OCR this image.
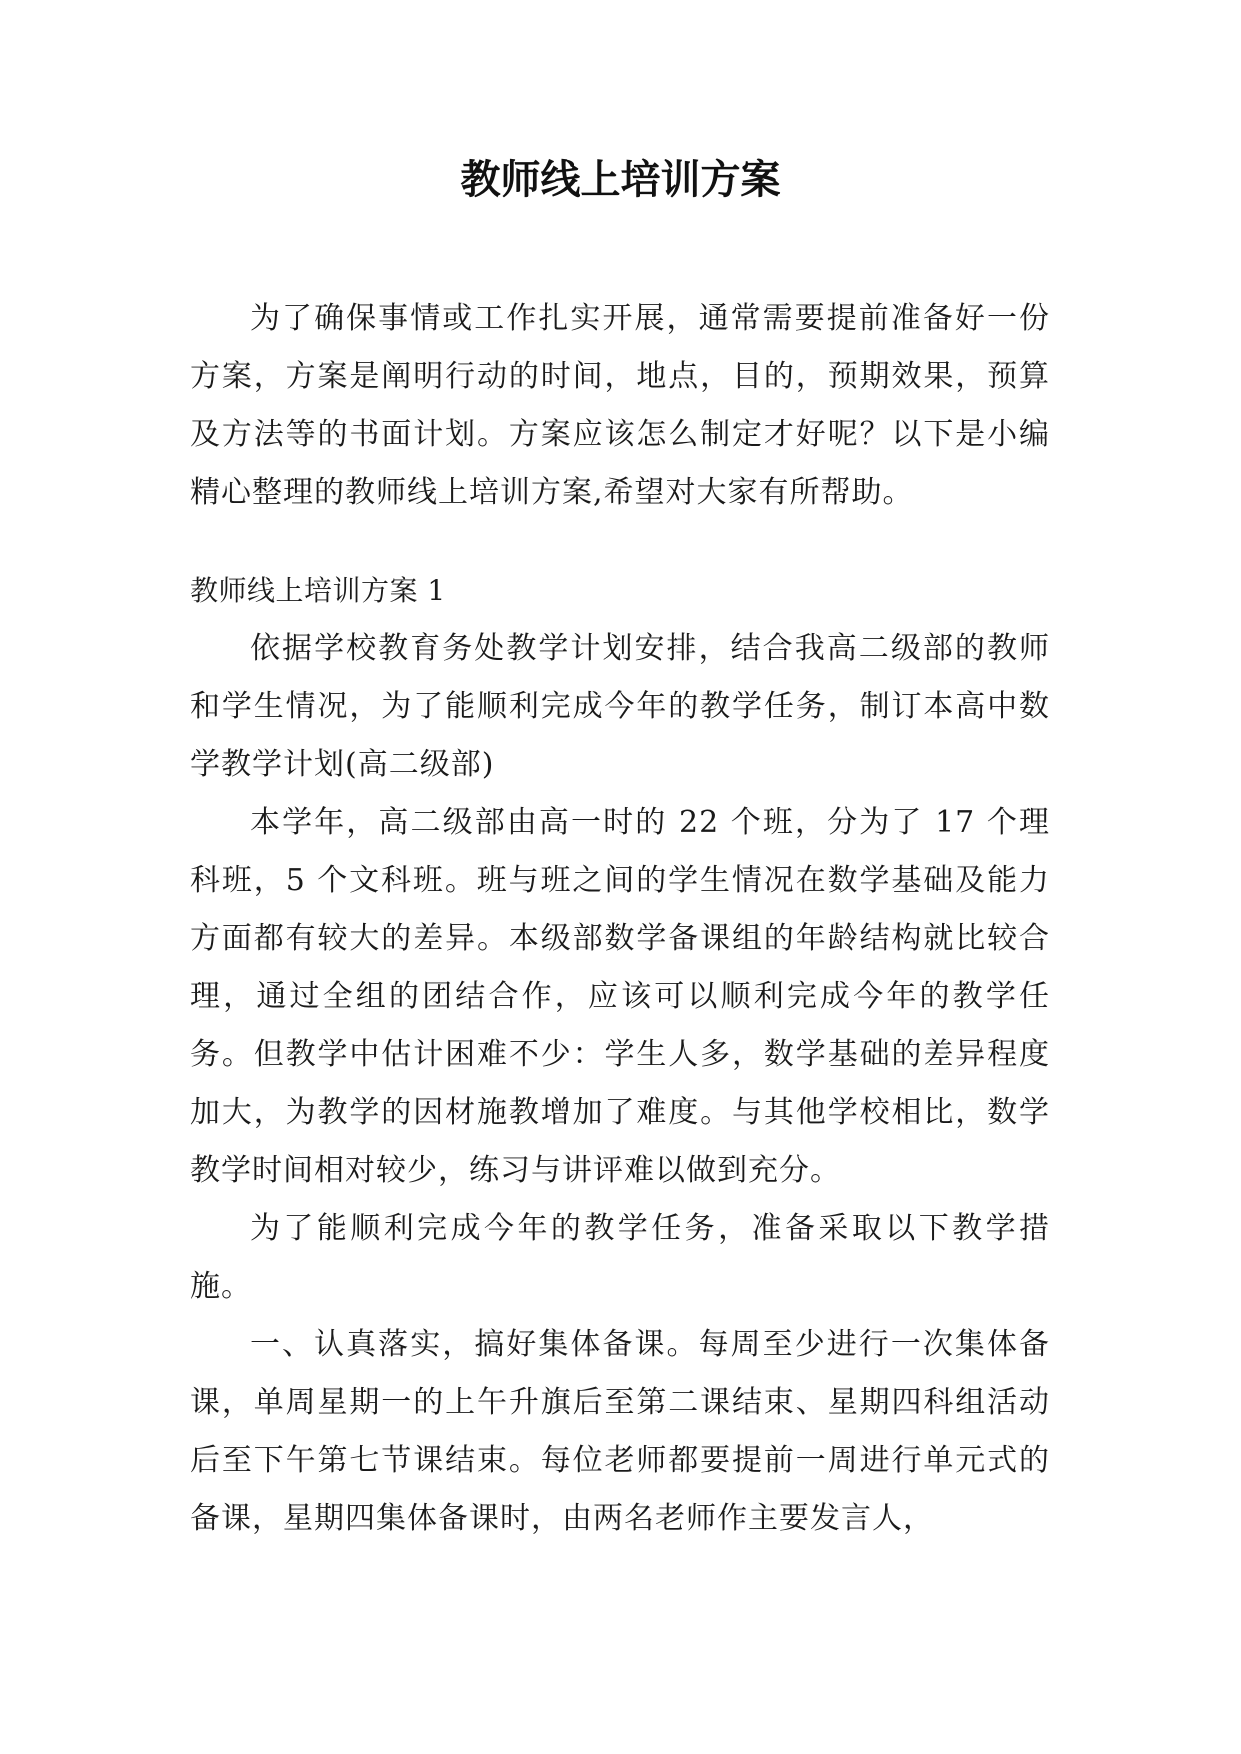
教师线上培训方案

为了确保事情或工作扎实开展，通常需要提前准备好一份方案，方案是阐明行动的时间，地点，目的，预期效果，预算及方法等的书面计划。方案应该怎么制定才好呢？以下是小编精心整理的教师线上培训方案,希望对大家有所帮助。

教师线上培训方案 1

依据学校教育务处教学计划安排，结合我高二级部的教师和学生情况，为了能顺利完成今年的教学任务，制订本高中数学教学计划(高二级部)

本学年，高二级部由高一时的 22 个班，分为了 17 个理科班，5 个文科班。班与班之间的学生情况在数学基础及能力方面都有较大的差异。本级部数学备课组的年龄结构就比较合理，通过全组的团结合作，应该可以顺利完成今年的教学任务。但教学中估计困难不少：学生人多，数学基础的差异程度加大，为教学的因材施教增加了难度。与其他学校相比，数学教学时间相对较少，练习与讲评难以做到充分。

为了能顺利完成今年的教学任务，准备采取以下教学措施。

一、认真落实，搞好集体备课。每周至少进行一次集体备课，单周星期一的上午升旗后至第二课结束、星期四科组活动后至下午第七节课结束。每位老师都要提前一周进行单元式的备课，星期四集体备课时，由两名老师作主要发言人，
